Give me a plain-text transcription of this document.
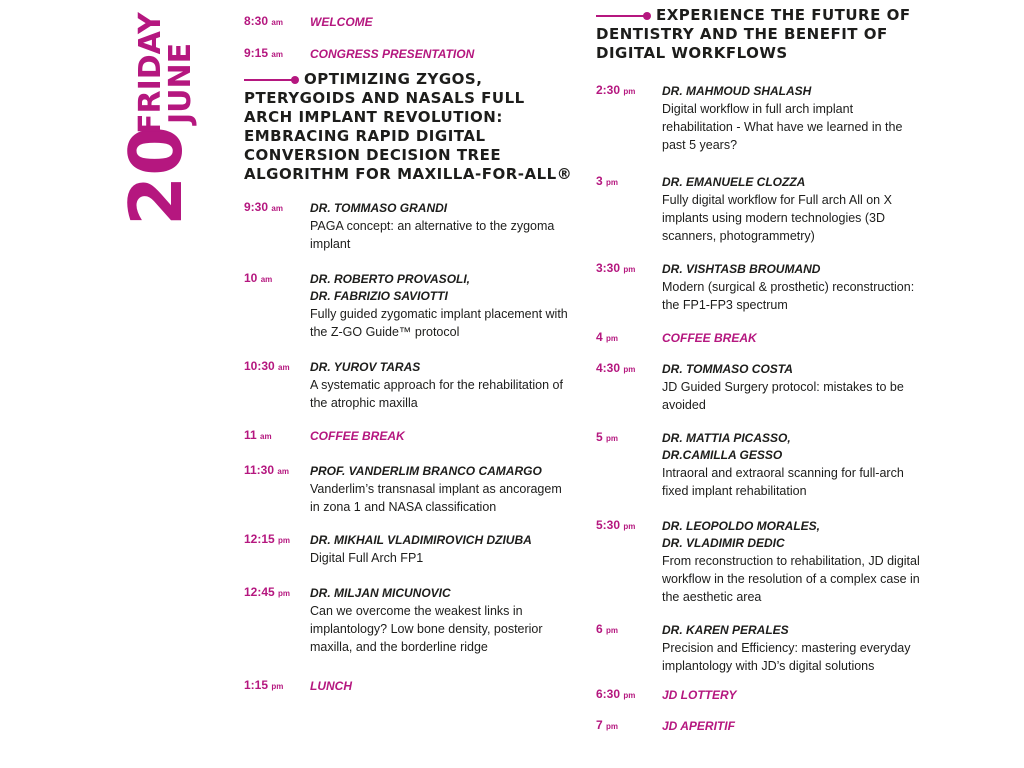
20
FRIDAY
JUNE
8:30 am WELCOME
9:15 am CONGRESS PRESENTATION
OPTIMIZING ZYGOS, PTERYGOIDS AND NASALS FULL ARCH IMPLANT REVOLUTION: EMBRACING RAPID DIGITAL CONVERSION DECISION TREE ALGORITHM FOR MAXILLA-FOR-ALL®
9:30 am DR. TOMMASO GRANDI
PAGA concept: an alternative to the zygoma implant
10 am	DR. ROBERTO PROVASOLI,
DR. FABRIZIO SAVIOTTI
Fully guided zygomatic implant placement with the Z-GO Guide™ protocol
10:30 am DR. YUROV TARAS
A systematic approach for the rehabilitation of the atrophic maxilla
11 am	COFFEE BREAK
11:30 am PROF. VANDERLIM BRANCO CAMARGO
Vanderlim’s transnasal implant as ancoragem in zona 1 and NASA classification
12:15 pm DR. MIKHAIL VLADIMIROVICH DZIUBA
Digital Full Arch FP1
12:45 pm DR. MILJAN MICUNOVIC
Can we overcome the weakest links in implantology? Low bone density, posterior maxilla, and the borderline ridge
1:15 pm LUNCH
EXPERIENCE THE FUTURE OF DENTISTRY AND THE BENEFIT OF DIGITAL WORKFLOWS
2:30 pm DR. MAHMOUD SHALASH
Digital workflow in full arch implant rehabilitation - What have we learned in the past 5 years?
3 pm	DR. EMANUELE CLOZZA
Fully digital workflow for Full arch All on X implants using modern technologies (3D scanners, photogrammetry)
3:30 pm DR. VISHTASB BROUMAND
Modern (surgical & prosthetic) reconstruction: the FP1-FP3 spectrum
4 pm	COFFEE BREAK
4:30 pm DR. TOMMASO COSTA
JD Guided Surgery protocol: mistakes to be avoided
5 pm	DR. MATTIA PICASSO,
DR.CAMILLA GESSO
Intraoral and extraoral scanning for full-arch fixed implant rehabilitation
5:30 pm DR. LEOPOLDO MORALES,
DR. VLADIMIR DEDIC
From reconstruction to rehabilitation, JD digital workflow in the resolution of a complex case in the aesthetic area
6 pm	DR. KAREN PERALES
Precision and Efficiency: mastering everyday implantology with JD’s digital solutions
6:30 pm JD LOTTERY
7 pm	JD APERITIF
